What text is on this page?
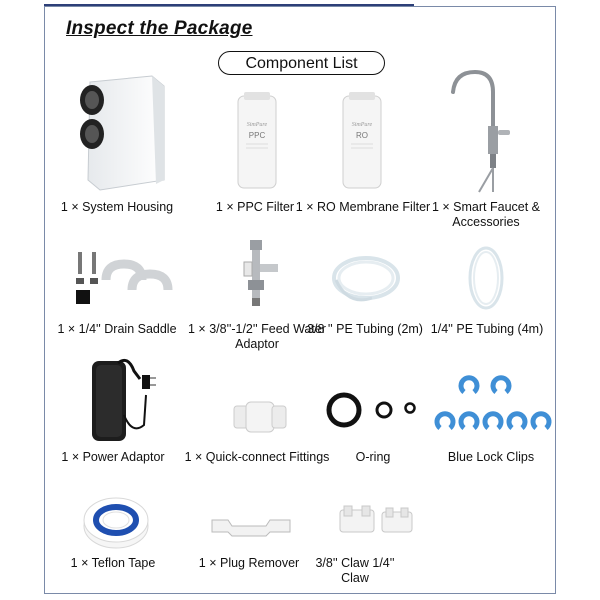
Inspect the Package
Component List
1 × System Housing
SimPure
PPC
1 × PPC Filter
SimPure
RO
1 × RO Membrane Filter 1 × Smart Faucet & Accessories
1 × 1/4'' Drain Saddle 1 × 3/8''-1/2'' Feed Water Adaptor
3/8 '' PE Tubing (2m) 1/4'' PE Tubing (4m)
1 × Power Adaptor	1 × Quick-connect Fittings	O-ring	Blue Lock Clips
1 × Teflon Tape	1 × Plug Remover	3/8'' Claw 1/4'' Claw
